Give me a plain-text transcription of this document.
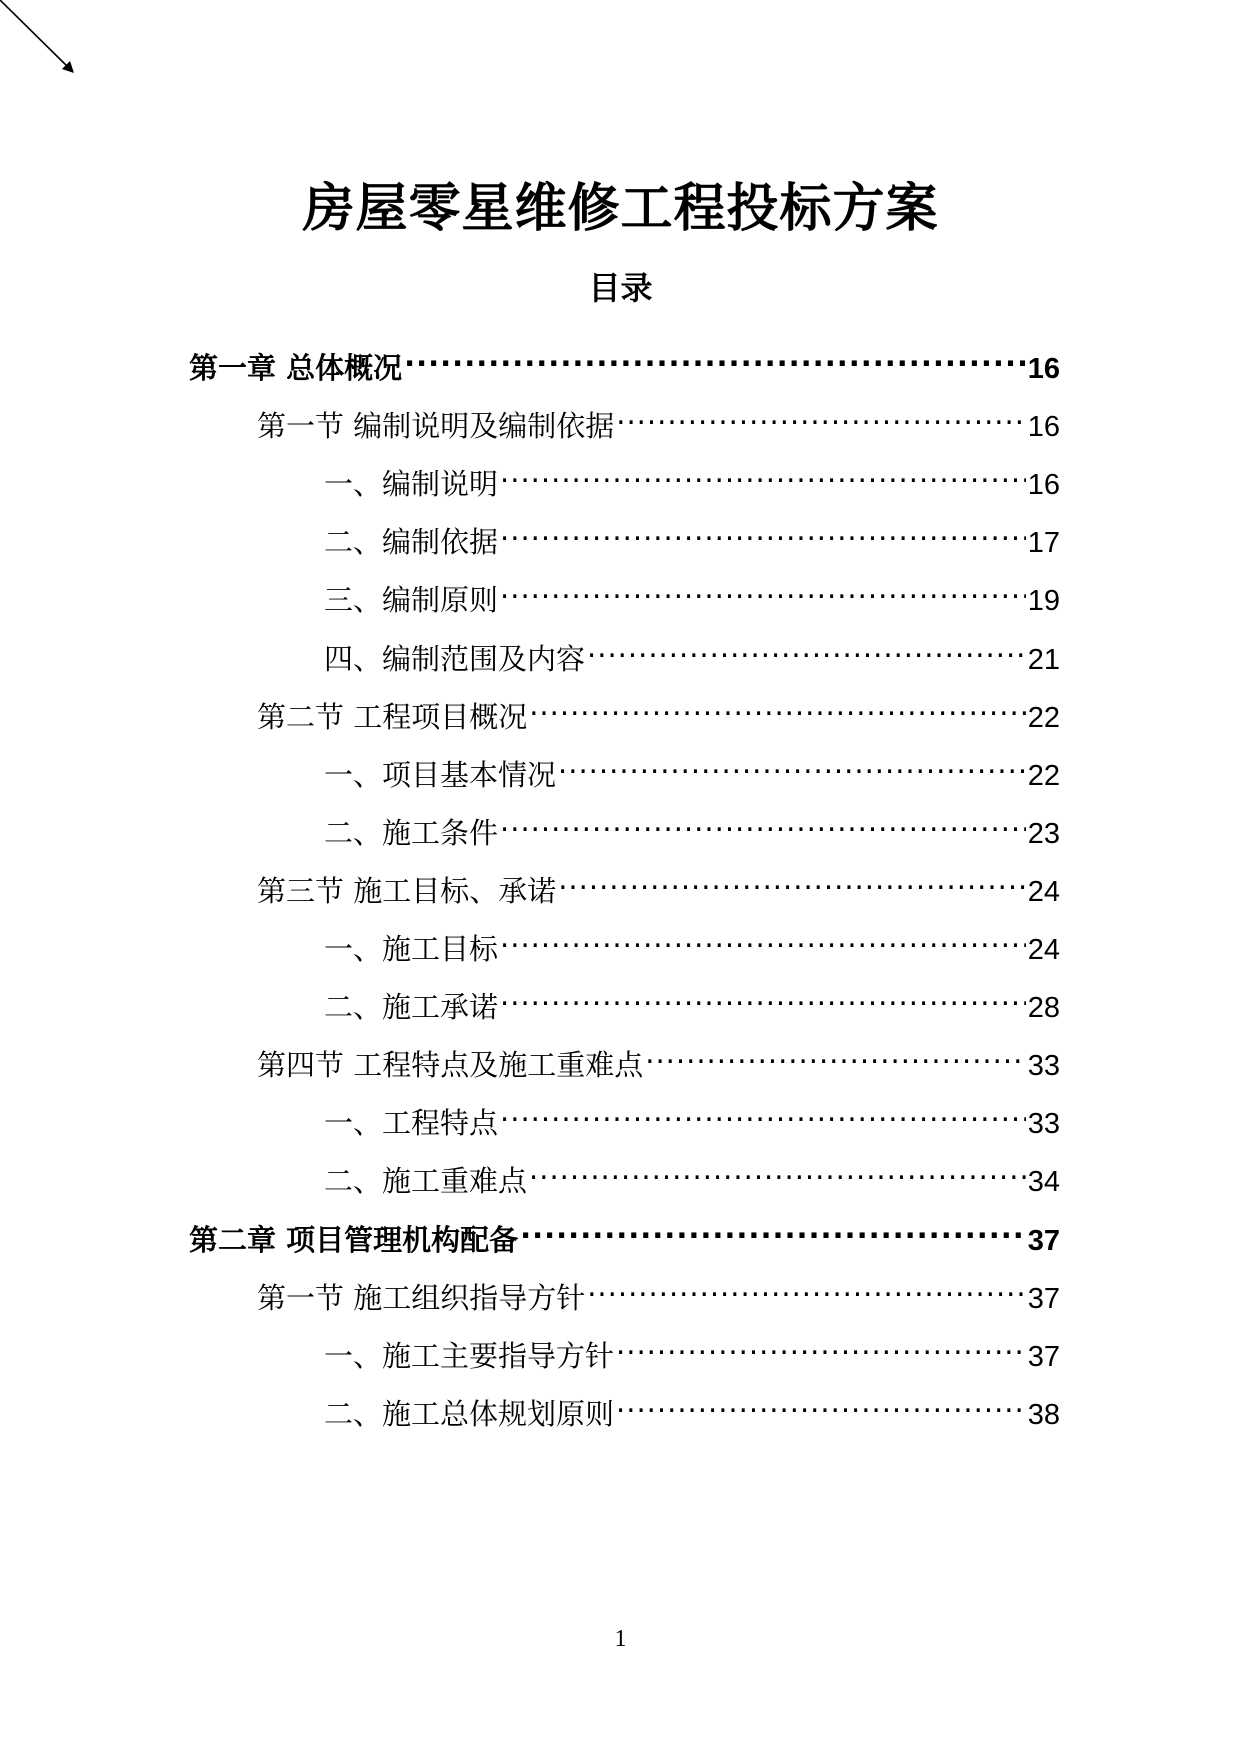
房屋零星维修工程投标方案
目录
第一章 总体概况 .....	16
第一节 编制说明及编制依据 .....	16
一、编制说明 .....	16
二、编制依据 .....	17
三、编制原则 .....	19
四、编制范围及内容 .....	21
第二节 工程项目概况 .....	22
一、项目基本情况 .....	22
二、施工条件 .....	23
第三节 施工目标、承诺 .....	24
一、施工目标 .....	24
二、施工承诺 .....	28
第四节 工程特点及施工重难点 .....	33
一、工程特点 .....	33
二、施工重难点 .....	34
第二章 项目管理机构配备 .....	37
第一节 施工组织指导方针 .....	37
一、施工主要指导方针 .....	37
二、施工总体规划原则 .....	38
1
